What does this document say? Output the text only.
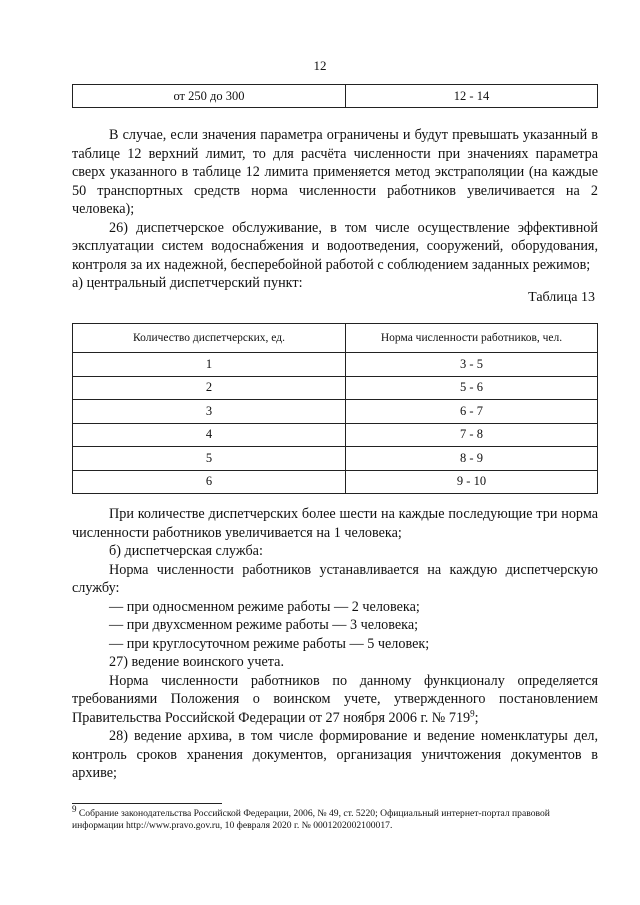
12
от 250 до 300	12 - 14

В случае, если значения параметра ограничены и будут превышать указанный в таблице 12 верхний лимит, то для расчёта численности при значениях параметра сверх указанного в таблице 12 лимита применяется метод экстраполяции (на каждые 50 транспортных средств норма численности работников увеличивается на 2 человека);

26) диспетчерское обслуживание, в том числе осуществление эффективной эксплуатации систем водоснабжения и водоотведения, сооружений, оборудования, контроля за их надежной, бесперебойной работой с соблюдением заданных режимов;

а) центральный диспетчерский пункт:

Таблица 13
Количество диспетчерских, ед.	Норма численности работников, чел.
1	3 - 5
2	5 - 6
3	6 - 7
4	7 - 8
5	8 - 9
6	9 - 10

При количестве диспетчерских более шести на каждые последующие три норма численности работников увеличивается на 1 человека;

б) диспетчерская служба:

Норма численности работников устанавливается на каждую диспетчерскую службу:

— при односменном режиме работы — 2 человека;

— при двухсменном режиме работы — 3 человека;

— при круглосуточном режиме работы — 5 человек;

27) ведение воинского учета.

Норма численности работников по данному функционалу определяется требованиями Положения о воинском учете, утвержденного постановлением Правительства Российской Федерации от 27 ноября 2006 г. № $719^9$;

28) ведение архива, в том числе формирование и ведение номенклатуры дел, контроль сроков хранения документов, организация уничтожения документов в архиве;

$^9$ Собрание законодательства Российской Федерации, 2006, № 49, ст. 5220; Официальный интернет-портал правовой информации http://www.pravo.gov.ru, 10 февраля 2020 г. № 0001202002100017.
